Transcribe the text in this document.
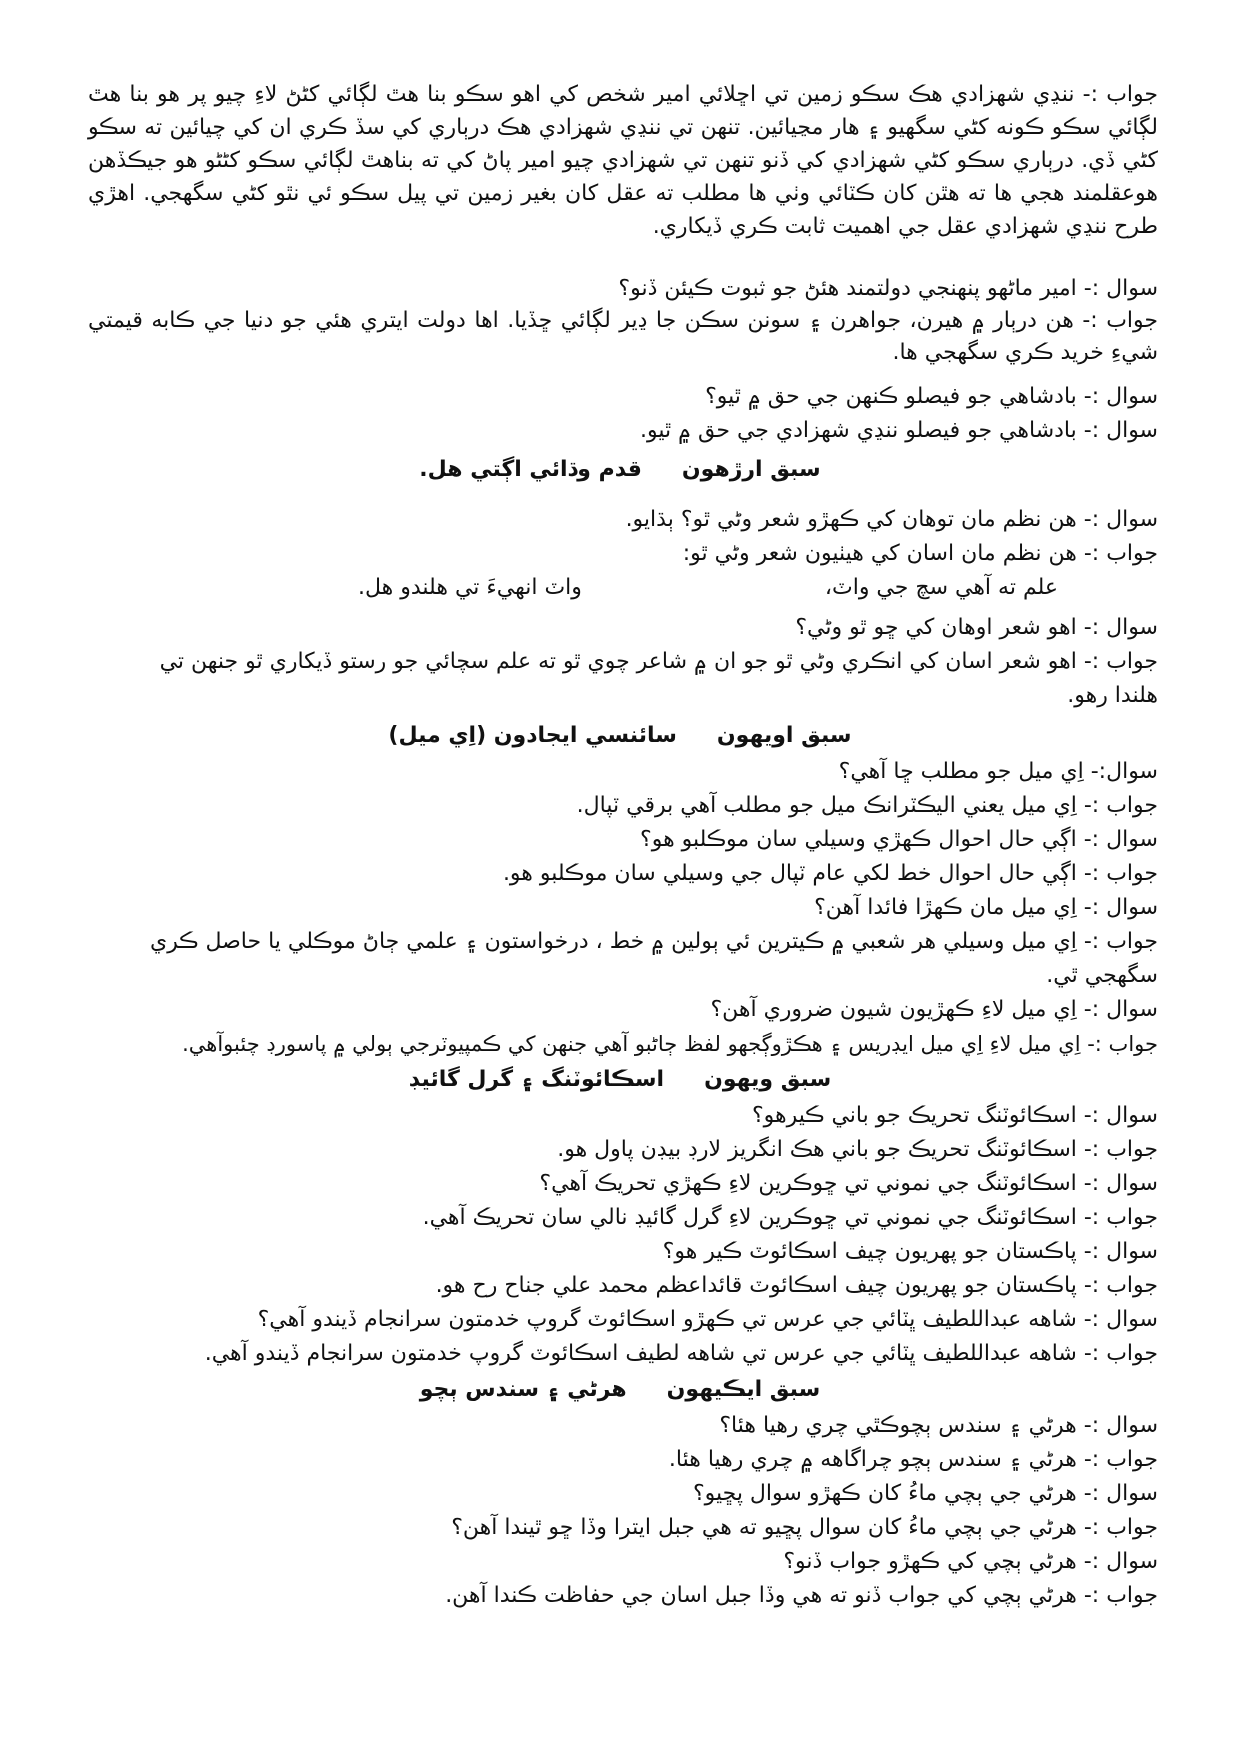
جواب :- ننڍي شهزادي هڪ سڪو زمين تي اڇلائي امير شخص کي اهو سڪو بنا هٿ لڳائي کڻڻ لاءِ چيو پر هو بنا هٿ لڳائي سڪو ڪونه کڻي سگهيو ۽ هار مڃيائين. تنهن تي ننڍي شهزادي هڪ درٻاري کي سڏ ڪري ان کي چيائين ته سڪو کڻي ڏي. درٻاري سڪو کڻي شهزادي کي ڏنو تنهن تي شهزادي چيو امير پاڻ کي ته بناهٿ لڳائي سڪو کڻڻو هو جيڪڏهن هوعقلمند هجي ها ته هٿن کان ڪٽائي وٺي ها مطلب ته عقل کان بغير زمين تي پيل سڪو ئي نٿو کڻي سگهجي. اهڙي طرح ننڍي شهزادي عقل جي اهميت ثابت ڪري ڏيکاري.

سوال :- امير ماڻهو پنهنجي دولتمند هئڻ جو ثبوت ڪيئن ڏنو؟

جواب :- هن درٻار ۾ هيرن، جواهرن ۽ سونن سڪن جا ڍير لڳائي ڇڏيا. اها دولت ايتري هئي جو دنيا جي ڪابه قيمتي شيءِ خريد ڪري سگهجي ها.

سوال :- بادشاهي جو فيصلو ڪنهن جي حق ۾ ٿيو؟

سوال :- بادشاهي جو فيصلو ننڍي شهزادي جي حق ۾ ٿيو.

سبق ارڙهونقدم وڌائي اڳتي هل.

سوال :- هن نظم مان توهان کي ڪهڙو شعر وڻي ٿو؟ ٻڌايو.

جواب :- هن نظم مان اسان کي هيٺيون شعر وڻي ٿو:

علم ته آهي سچ جي واٽ،
واٽ انهيءَ تي هلندو هل.

سوال :- اهو شعر اوهان کي ڇو ٿو وڻي؟

جواب :- اهو شعر اسان کي انڪري وڻي ٿو جو ان ۾ شاعر چوي ٿو ته علم سچائي جو رستو ڏيکاري ٿو جنهن تي

هلندا رهو.

سبق اويهونسائنسي ايجادون (اِي ميل)

سوال:- اِي ميل جو مطلب ڇا آهي؟

جواب :- اِي ميل يعني اليڪٽرانڪ ميل جو مطلب آهي برقي ٽپال.

سوال :- اڳي حال احوال ڪهڙي وسيلي سان موڪلبو هو؟

جواب :- اڳي حال احوال خط لکي عام ٽپال جي وسيلي سان موڪلبو هو.

سوال :- اِي ميل مان ڪهڙا فائدا آهن؟

جواب :- اِي ميل وسيلي هر شعبي ۾ ڪيترين ئي ٻولين ۾ خط ، درخواستون ۽ علمي ڄاڻ موڪلي يا حاصل ڪري

سگهجي ٿي.

سوال :- اِي ميل لاءِ ڪهڙيون شيون ضروري آهن؟

جواب :- اِي ميل لاءِ اِي ميل ايڊريس ۽ هڪڙوڳجهو لفظ ڄاڻبو آهي جنهن کي ڪمپيوٽرجي ٻولي ۾ پاسورڊ چئبوآهي.

سبق ويهوناسڪائوٽنگ ۽ گرل گائيڊ

سوال :- اسڪائوٽنگ تحريڪ جو باني ڪيرهو؟

جواب :- اسڪائوٽنگ تحريڪ جو باني هڪ انگريز لارڊ بيڊن پاول هو.

سوال :- اسڪائوٽنگ جي نموني تي ڇوڪرين لاءِ ڪهڙي تحريڪ آهي؟

جواب :- اسڪائوٽنگ جي نموني تي ڇوڪرين لاءِ گرل گائيڊ نالي سان تحريڪ آهي.

سوال :- پاڪستان جو پهريون چيف اسڪائوٽ ڪير هو؟

جواب :- پاڪستان جو پهريون چيف اسڪائوٽ قائداعظم محمد علي جناح رح هو.

سوال :- شاهه عبداللطيف ڀٽائي جي عرس تي ڪهڙو اسڪائوٽ گروپ خدمتون سرانجام ڏيندو آهي؟

جواب :- شاهه عبداللطيف ڀٽائي جي عرس تي شاهه لطيف اسڪائوٽ گروپ خدمتون سرانجام ڏيندو آهي.

سبق ايڪيهونهرڻي ۽ سندس ٻچو

سوال :- هرڻي ۽ سندس ٻچوڪٿي چري رهيا هئا؟

جواب :- هرڻي ۽ سندس ٻچو چراگاهه ۾ چري رهيا هئا.

سوال :- هرڻي جي ٻچي ماءُ کان ڪهڙو سوال پڇيو؟

جواب :- هرڻي جي ٻچي ماءُ کان سوال پڇيو ته هي جبل ايترا وڏا ڇو ٿيندا آهن؟

سوال :- هرڻي ٻچي کي ڪهڙو جواب ڏنو؟

جواب :- هرڻي ٻچي کي جواب ڏنو ته هي وڏا جبل اسان جي حفاظت ڪندا آهن.
